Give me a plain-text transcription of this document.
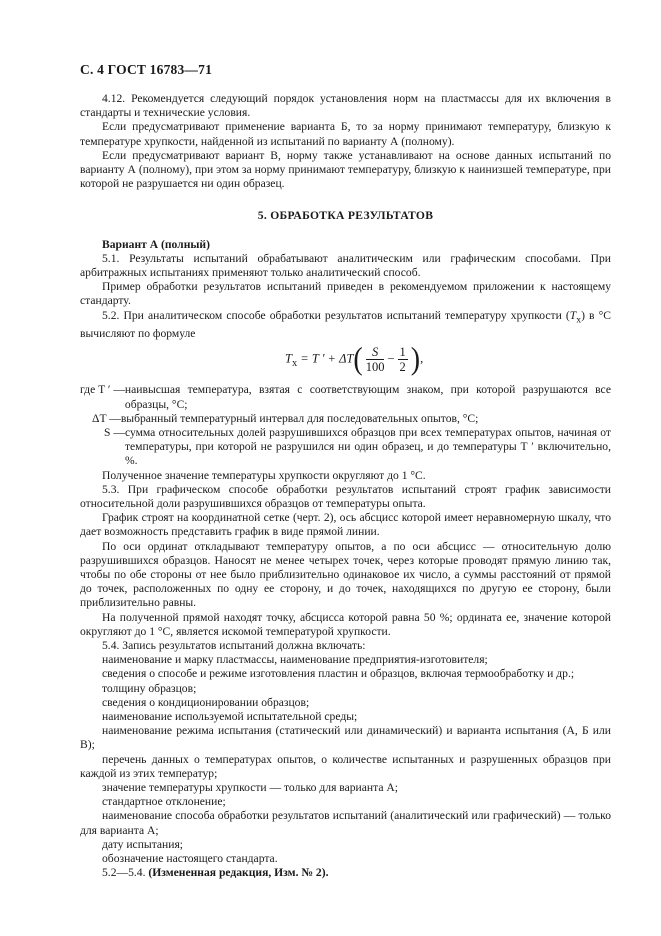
С. 4 ГОСТ 16783—71

4.12. Рекомендуется следующий порядок установления норм на пластмассы для их включения в стандарты и технические условия.

Если предусматривают применение варианта Б, то за норму принимают температуру, близкую к температуре хрупкости, найденной из испытаний по варианту А (полному).

Если предусматривают вариант В, норму также устанавливают на основе данных испытаний по варианту А (полному), при этом за норму принимают температуру, близкую к наинизшей температуре, при которой не разрушается ни один образец.

5. ОБРАБОТКА РЕЗУЛЬТАТОВ

Вариант А (полный)

5.1. Результаты испытаний обрабатывают аналитическим или графическим способами. При арбитражных испытаниях применяют только аналитический способ.

Пример обработки результатов испытаний приведен в рекомендуемом приложении к настоящему стандарту.

5.2. При аналитическом способе обработки результатов испытаний температуру хрупкости $(T_x)$ в °С вычисляют по формуле

$T_x = T$ ′ + $\Delta T( \frac{S}{100} - \frac{1}{2}$ ),
где T ′ — наивысшая температура, взятая с соответствующим знаком, при которой разрушаются все образцы, °С;
ΔT — выбранный температурный интервал для последовательных опытов, °С;
S — сумма относительных долей разрушившихся образцов при всех температурах опытов, начиная от температуры, при которой не разрушился ни один образец, и до температуры T ′ включительно, %.

Полученное значение температуры хрупкости округляют до 1 °С.

5.3. При графическом способе обработки результатов испытаний строят график зависимости относительной доли разрушившихся образцов от температуры опыта.

График строят на координатной сетке (черт. 2), ось абсцисс которой имеет неравномерную шкалу, что дает возможность представить график в виде прямой линии.

По оси ординат откладывают температуру опытов, а по оси абсцисс — относительную долю разрушившихся образцов. Наносят не менее четырех точек, через которые проводят прямую линию так, чтобы по обе стороны от нее было приблизительно одинаковое их число, а суммы расстояний от прямой до точек, расположенных по одну ее сторону, и до точек, находящихся по другую ее сторону, были приблизительно равны.

На полученной прямой находят точку, абсцисса которой равна 50 %; ордината ее, значение которой округляют до 1 °С, является искомой температурой хрупкости.

5.4. Запись результатов испытаний должна включать:

наименование и марку пластмассы, наименование предприятия-изготовителя;

сведения о способе и режиме изготовления пластин и образцов, включая термообработку и др.;

толщину образцов;

сведения о кондиционировании образцов;

наименование используемой испытательной среды;

наименование режима испытания (статический или динамический) и варианта испытания (А, Б или В);

перечень данных о температурах опытов, о количестве испытанных и разрушенных образцов при каждой из этих температур;

значение температуры хрупкости — только для варианта А;

стандартное отклонение;

наименование способа обработки результатов испытаний (аналитический или графический) — только для варианта А;

дату испытания;

обозначение настоящего стандарта.

5.2—5.4. (Измененная редакция, Изм. № 2).
